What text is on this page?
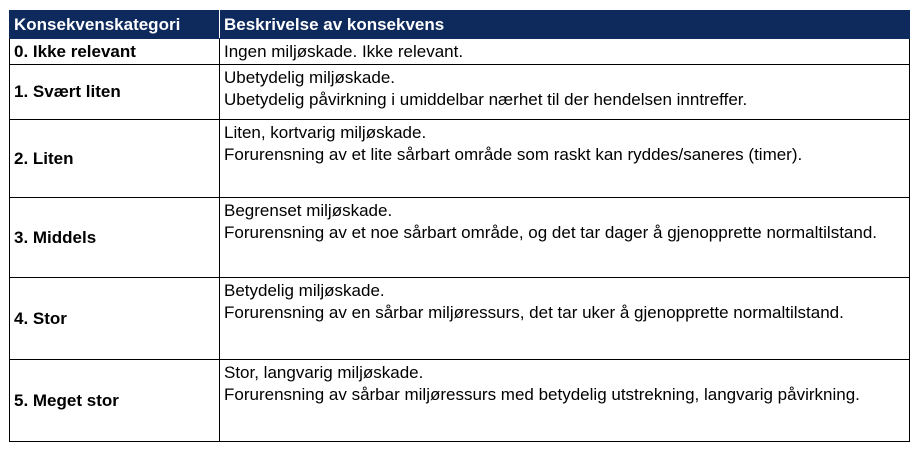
Konsekvenskategori	Beskrivelse av konsekvens
0. Ikke relevant	Ingen miljøskade. Ikke relevant.

1. Svært liten	Ubetydelig miljøskade.
Ubetydelig påvirkning i umiddelbar nærhet til der hendelsen inntreffer.

2. Liten	Liten, kortvarig miljøskade.
Forurensning av et lite sårbart område som raskt kan ryddes/saneres (timer).

3. Middels	Begrenset miljøskade.
Forurensning av et noe sårbart område, og det tar dager å gjenopprette normaltilstand.

4. Stor	Betydelig miljøskade.
Forurensning av en sårbar miljøressurs, det tar uker å gjenopprette normaltilstand.

5. Meget stor	Stor, langvarig miljøskade.
Forurensning av sårbar miljøressurs med betydelig utstrekning, langvarig påvirkning.
